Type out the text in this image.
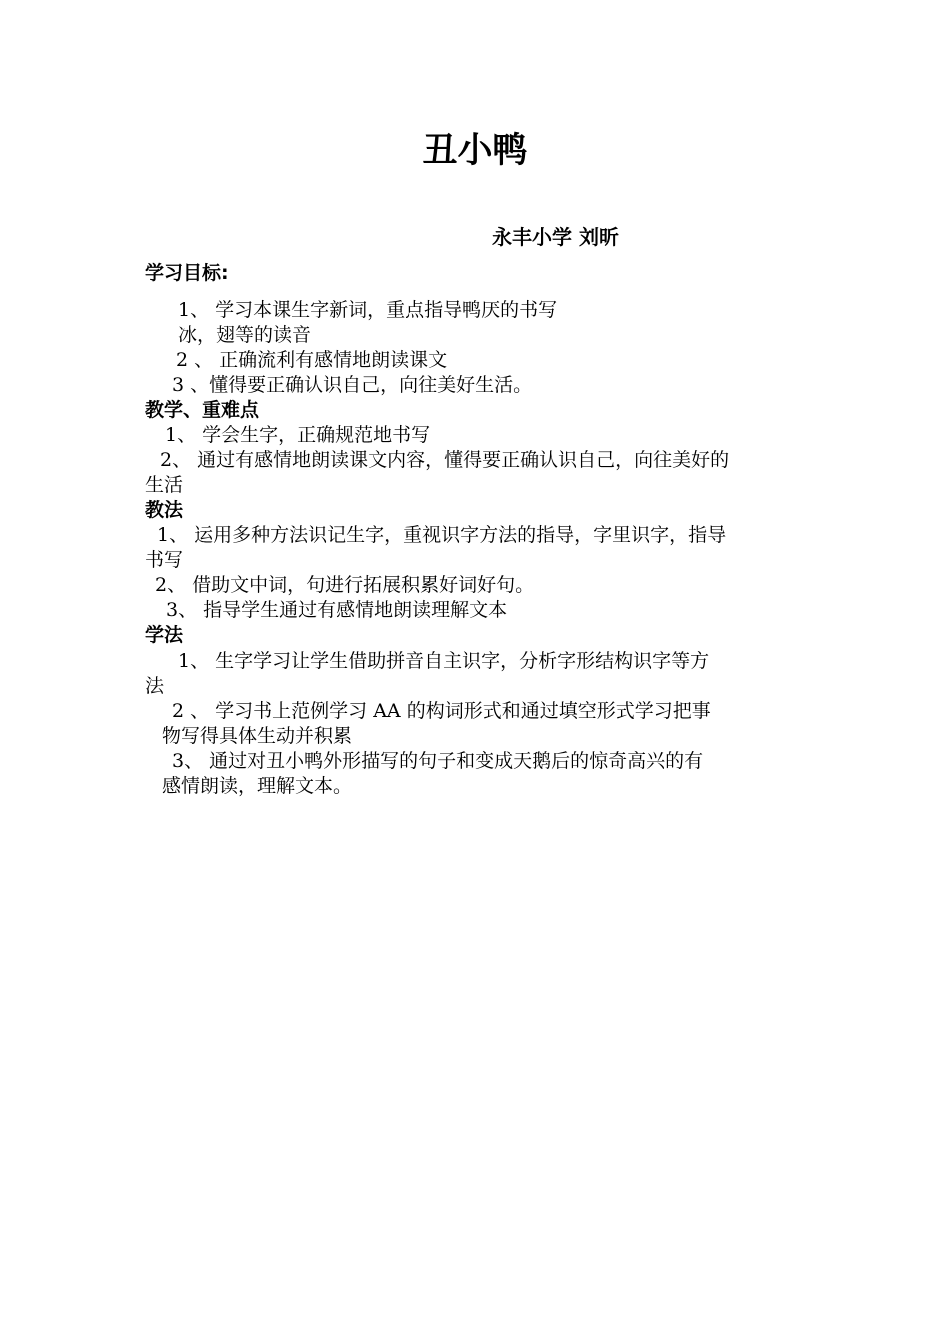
丑小鸭

永丰小学 刘昕

学习目标:

1、 学习本课生字新词，重点指导鸭厌的书写

冰，翅等的读音

2 、 正确流利有感情地朗读课文

3 、懂得要正确认识自己，向往美好生活。

教学、重难点

1、 学会生字，正确规范地书写

2、 通过有感情地朗读课文内容，懂得要正确认识自己，向往美好的

生活

教法

1、 运用多种方法识记生字，重视识字方法的指导，字里识字，指导

书写

2、 借助文中词，句进行拓展积累好词好句。

3、 指导学生通过有感情地朗读理解文本

学法

1、 生字学习让学生借助拼音自主识字，分析字形结构识字等方

法

2 、 学习书上范例学习 AA 的构词形式和通过填空形式学习把事

物写得具体生动并积累

3、 通过对丑小鸭外形描写的句子和变成天鹅后的惊奇高兴的有

感情朗读，理解文本。
